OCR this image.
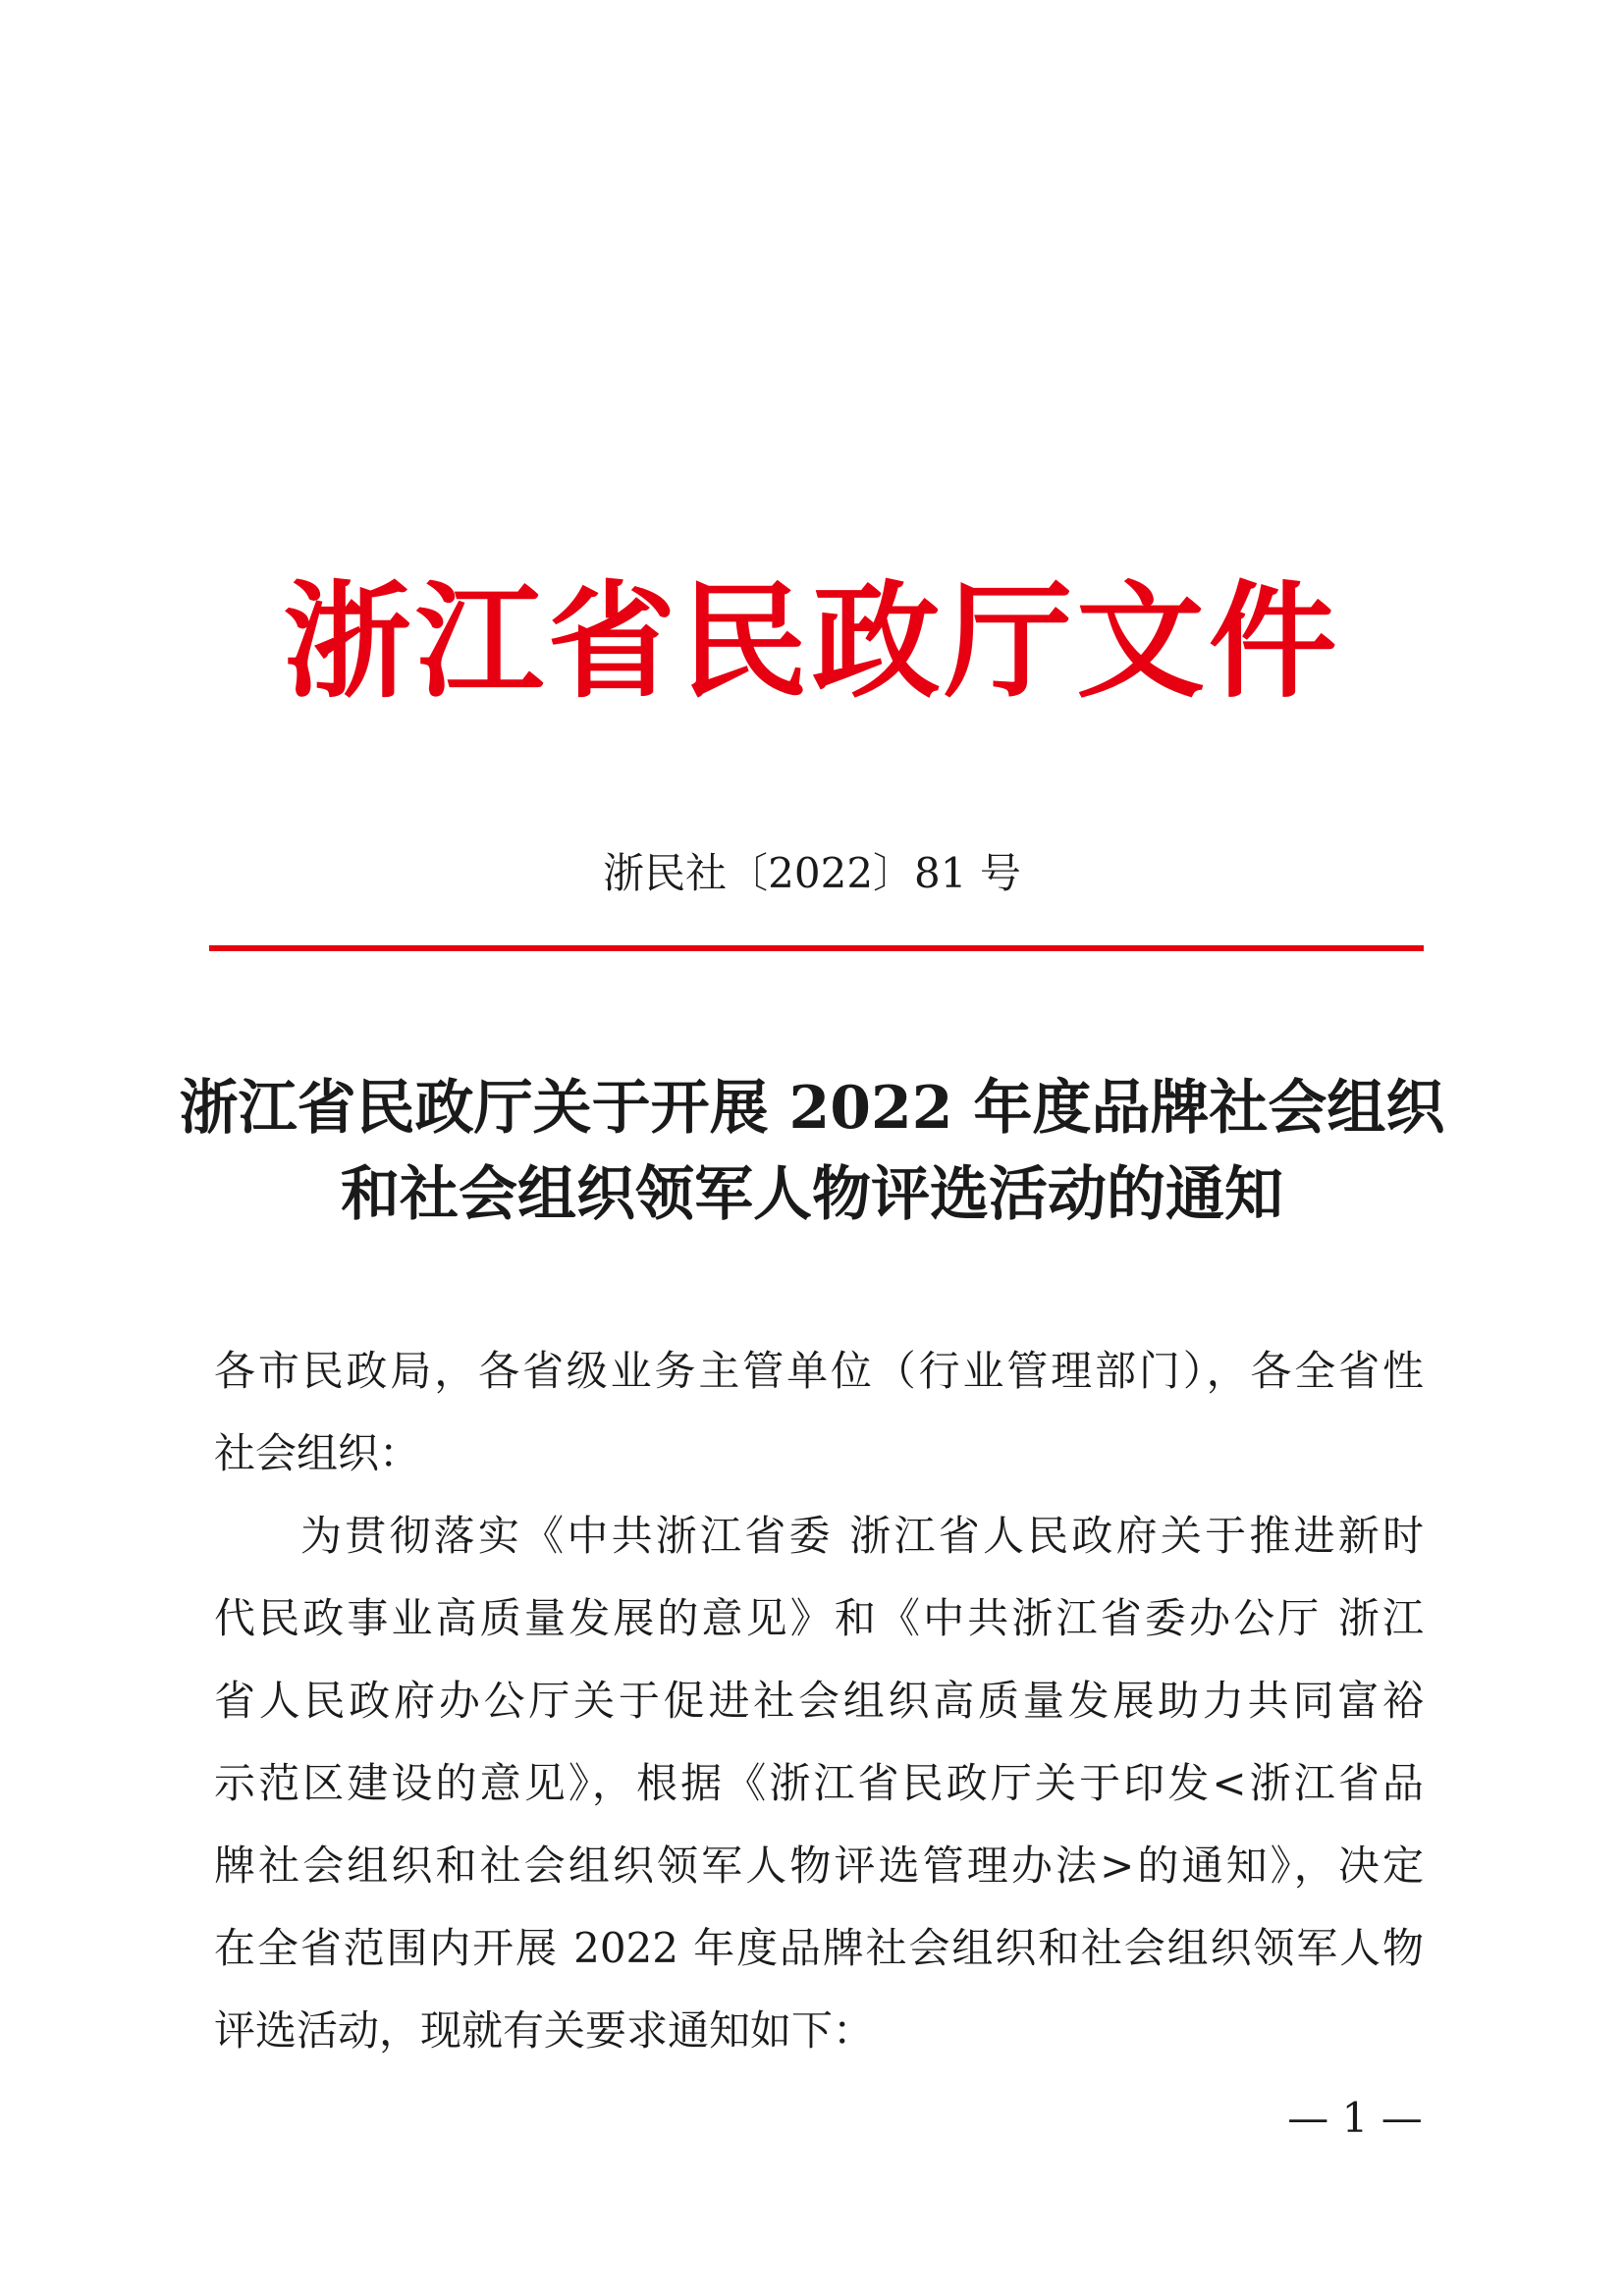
浙江省民政厅文件
浙民社〔2022〕81 号
浙江省民政厅关于开展 2022 年度品牌社会组织
和社会组织领军人物评选活动的通知
各市民政局，各省级业务主管单位（行业管理部门），各全省性
社会组织：
为贯彻落实《中共浙江省委 浙江省人民政府关于推进新时
代民政事业高质量发展的意见》和《中共浙江省委办公厅 浙江
省人民政府办公厅关于促进社会组织高质量发展助力共同富裕
示范区建设的意见》，根据《浙江省民政厅关于印发<浙江省品
牌社会组织和社会组织领军人物评选管理办法>的通知》，决定
在全省范围内开展 2022 年度品牌社会组织和社会组织领军人物
评选活动，现就有关要求通知如下：
— 1 —
